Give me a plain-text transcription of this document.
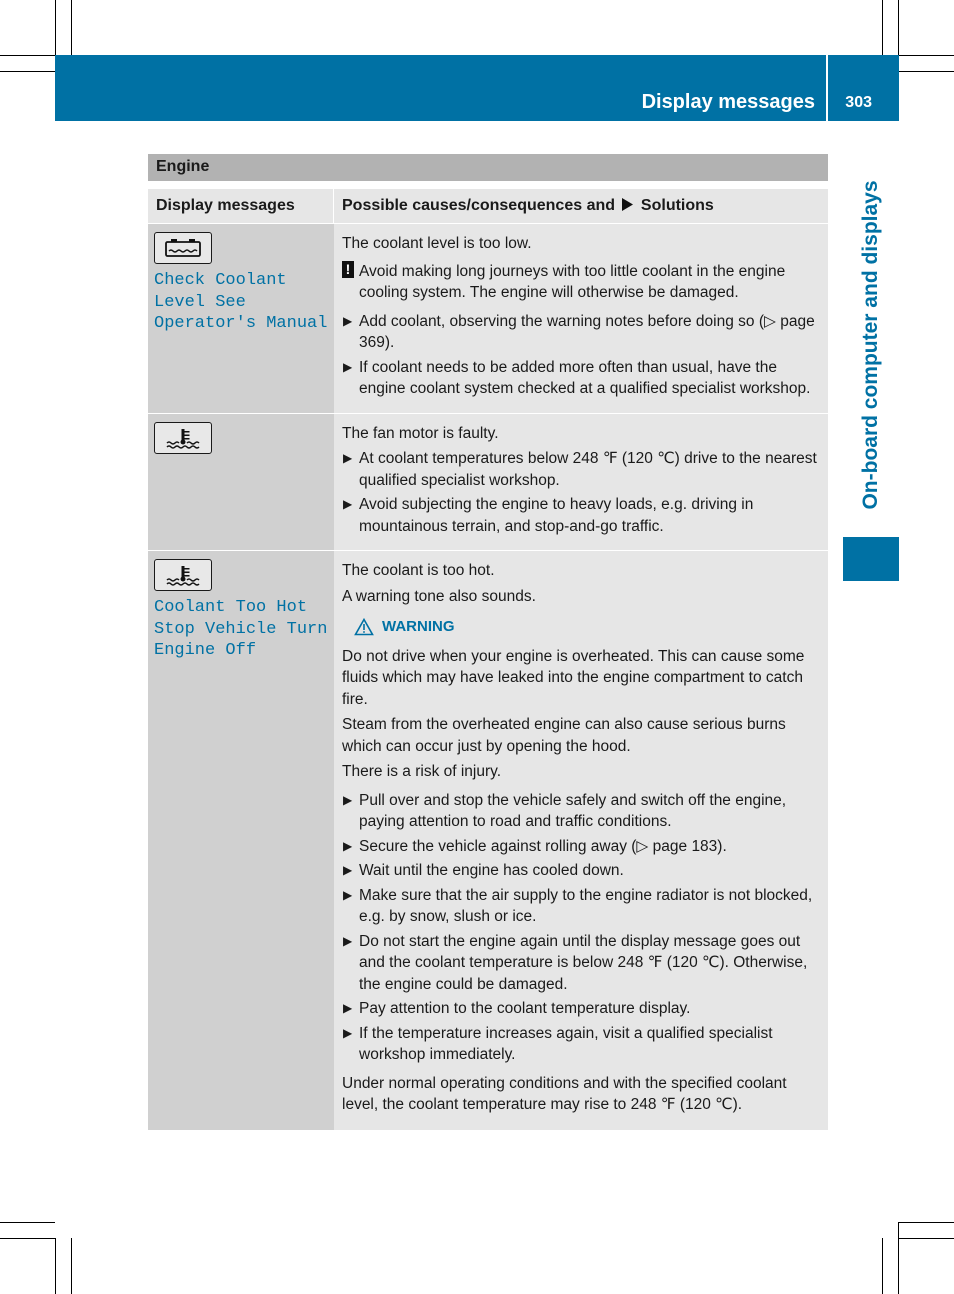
Display messages 303
On-board computer and displays
Engine
Display messages	Possible causes/consequences and Solutions
Check Coolant
Level See
Operator's Manual

The coolant level is too low.

! Avoid making long journeys with too little coolant in the engine cooling system. The engine will otherwise be damaged.
▶ Add coolant, observing the warning notes before doing so (▷ page 369).
▶ If coolant needs to be added more often than usual, have the engine coolant system checked at a qualified specialist workshop.

The fan motor is faulty.

▶ At coolant temperatures below 248 ℉ (120 ℃) drive to the nearest qualified specialist workshop.
▶ Avoid subjecting the engine to heavy loads, e.g. driving in mountainous terrain, and stop-and-go traffic.
Coolant Too Hot
Stop Vehicle Turn
Engine Off

The coolant is too hot.

A warning tone also sounds.

WARNING

Do not drive when your engine is overheated. This can cause some fluids which may have leaked into the engine compartment to catch fire.

Steam from the overheated engine can also cause serious burns which can occur just by opening the hood.

There is a risk of injury.

▶ Pull over and stop the vehicle safely and switch off the engine, paying attention to road and traffic conditions.
▶ Secure the vehicle against rolling away (▷ page 183).
▶ Wait until the engine has cooled down.
▶ Make sure that the air supply to the engine radiator is not blocked, e.g. by snow, slush or ice.
▶ Do not start the engine again until the display message goes out and the coolant temperature is below 248 ℉ (120 ℃). Otherwise, the engine could be damaged.
▶ Pay attention to the coolant temperature display.
▶ If the temperature increases again, visit a qualified specialist workshop immediately.

Under normal operating conditions and with the specified coolant level, the coolant temperature may rise to 248 ℉ (120 ℃).
